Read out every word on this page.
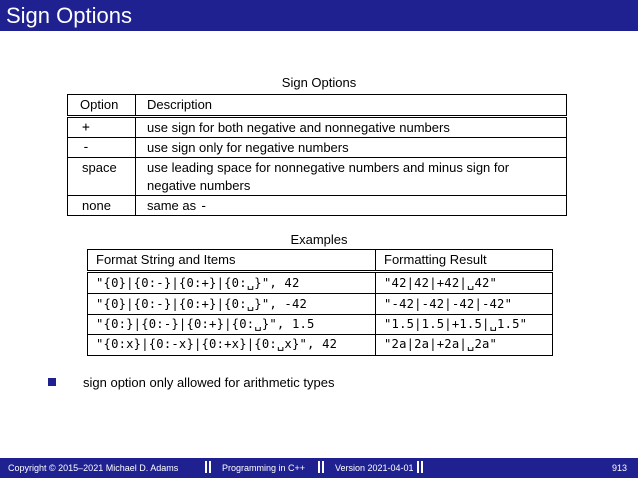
Sign Options
Sign Options
Option Description
+	use sign for both negative and nonnegative numbers
-	use sign only for negative numbers
space use leading space for nonnegative numbers and minus sign for
negative numbers
none	same as -
Examples
Format String and Items	Formatting Result
"{0}|{0:-}|{0:+}|{0:␣}", 42	"42|42|+42|␣42"
"{0}|{0:-}|{0:+}|{0:␣}", -42	"-42|-42|-42|-42"
"{0:}|{0:-}|{0:+}|{0:␣}", 1.5	"1.5|1.5|+1.5|␣1.5"
"{0:x}|{0:-x}|{0:+x}|{0:␣x}", 42	"2a|2a|+2a|␣2a"
sign option only allowed for arithmetic types
Copyright © 2015–2021 Michael D. Adams	Programming in C++	Version 2021-04-01	913
